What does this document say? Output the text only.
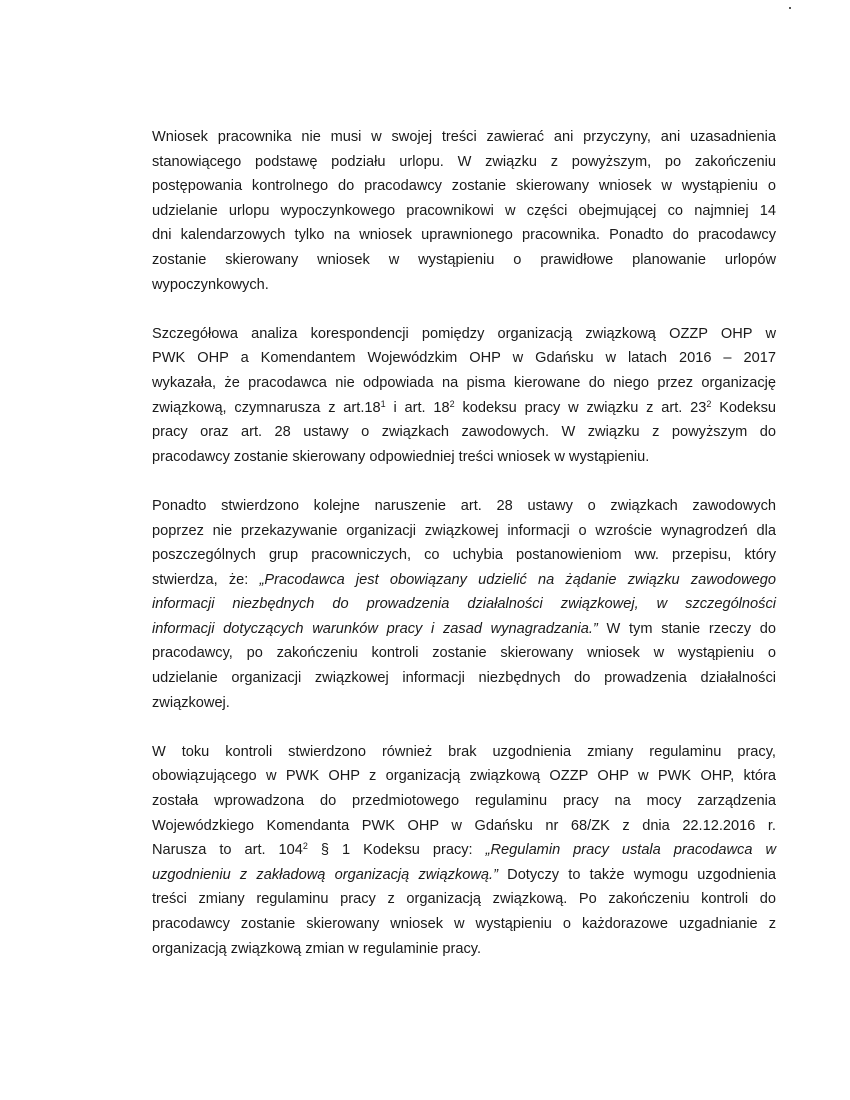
Wniosek pracownika nie musi w swojej treści zawierać ani przyczyny, ani uzasadnienia
stanowiącego podstawę podziału urlopu. W związku z powyższym, po zakończeniu
postępowania kontrolnego do pracodawcy zostanie skierowany wniosek w wystąpieniu o
udzielanie urlopu wypoczynkowego pracownikowi w części obejmującej co najmniej 14
dni kalendarzowych tylko na wniosek uprawnionego pracownika. Ponadto do pracodawcy
zostanie skierowany wniosek w wystąpieniu o prawidłowe planowanie urlopów
wypoczynkowych.

Szczegółowa analiza korespondencji pomiędzy organizacją związkową OZZP OHP w
PWK OHP a Komendantem Wojewódzkim OHP w Gdańsku w latach 2016 – 2017
wykazała, że pracodawca nie odpowiada na pisma kierowane do niego przez organizację
związkową, czymnarusza z $art.18^1$ i art. $18^2$ kodeksu pracy w związku z art. $23^2$ Kodeksu
pracy oraz art. 28 ustawy o związkach zawodowych. W związku z powyższym do
pracodawcy zostanie skierowany odpowiedniej treści wniosek w wystąpieniu.

Ponadto stwierdzono kolejne naruszenie art. 28 ustawy o związkach zawodowych
poprzez nie przekazywanie organizacji związkowej informacji o wzroście wynagrodzeń dla
poszczególnych grup pracowniczych, co uchybia postanowieniom ww. przepisu, który
stwierdza, że: „Pracodawca jest obowiązany udzielić na żądanie związku zawodowego
informacji niezbędnych do prowadzenia działalności związkowej, w szczególności
informacji dotyczących warunków pracy i zasad wynagradzania.” W tym stanie rzeczy do
pracodawcy, po zakończeniu kontroli zostanie skierowany wniosek w wystąpieniu o
udzielanie organizacji związkowej informacji niezbędnych do prowadzenia działalności
związkowej.

W toku kontroli stwierdzono również brak uzgodnienia zmiany regulaminu pracy,
obowiązującego w PWK OHP z organizacją związkową OZZP OHP w PWK OHP, która
została wprowadzona do przedmiotowego regulaminu pracy na mocy zarządzenia
Wojewódzkiego Komendanta PWK OHP w Gdańsku nr 68/ZK z dnia 22.12.2016 r.
Narusza to art. $104^2$ § 1 Kodeksu pracy: „Regulamin pracy ustala pracodawca w
uzgodnieniu z zakładową organizacją związkową.” Dotyczy to także wymogu uzgodnienia
treści zmiany regulaminu pracy z organizacją związkową. Po zakończeniu kontroli do
pracodawcy zostanie skierowany wniosek w wystąpieniu o każdorazowe uzgadnianie z
organizacją związkową zmian w regulaminie pracy.
